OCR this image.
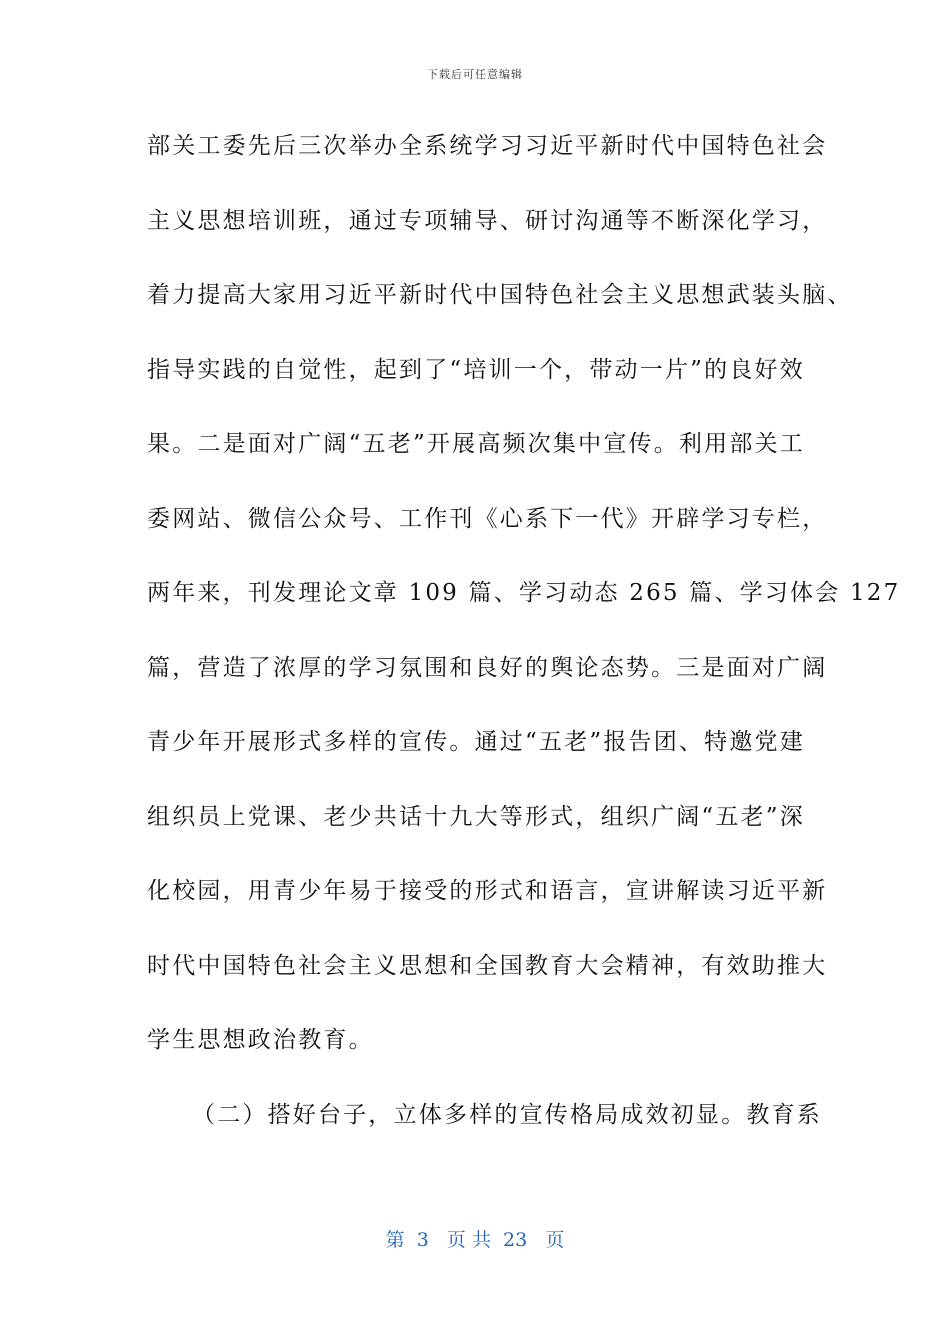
下载后可任意编辑
部关工委先后三次举办全系统学习习近平新时代中国特色社会
主义思想培训班，通过专项辅导、研讨沟通等不断深化学习，
着力提高大家用习近平新时代中国特色社会主义思想武装头脑、
指导实践的自觉性，起到了“培训一个，带动一片”的良好效
果。二是面对广阔“五老”开展高频次集中宣传。利用部关工
委网站、微信公众号、工作刊《心系下一代》开辟学习专栏，
两年来，刊发理论文章 109 篇、学习动态 265 篇、学习体会 127
篇，营造了浓厚的学习氛围和良好的舆论态势。三是面对广阔
青少年开展形式多样的宣传。通过“五老”报告团、特邀党建
组织员上党课、老少共话十九大等形式，组织广阔“五老”深
化校园，用青少年易于接受的形式和语言，宣讲解读习近平新
时代中国特色社会主义思想和全国教育大会精神，有效助推大
学生思想政治教育。
（二）搭好台子，立体多样的宣传格局成效初显。教育系
第  3   页 共  23   页
